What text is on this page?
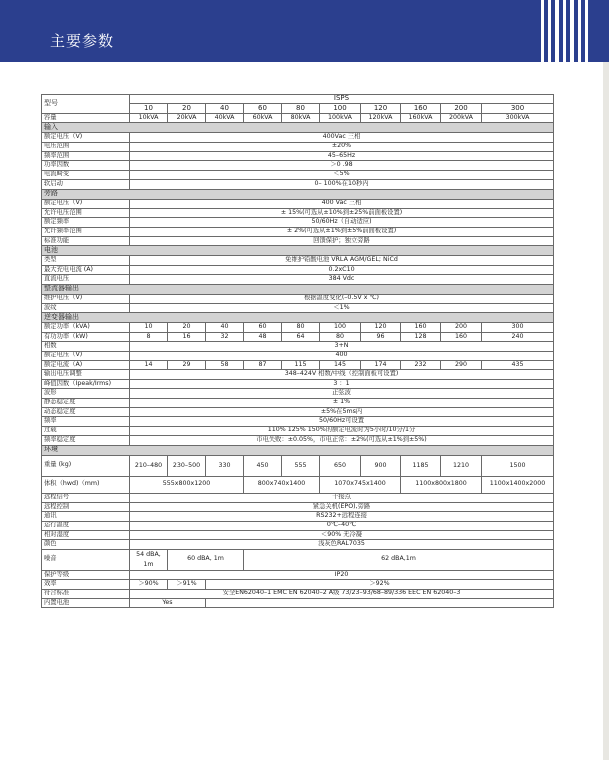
主要参数
型号	ISPS									
	10	20	40	60	80	100	120	160	200	300
容量	10kVA	20kVA	40kVA	60kVA	80kVA	100kVA	120kVA	160kVA	200kVA	300kVA
输入										
额定电压（V)	400Vac 三相									
电压范围	±20%									
频率范围	45–65Hz									
功率因数	＞0 .98									
电流畸变	＜5%									
软启动	0– 100%在10秒内									
旁路										
额定电压（V)	400 Vac 三相									
允许电压范围	± 15%(可选从±10%到±25%前面板设置)									
额定频率	50/60Hz（自动适应)									
允许频率范围	± 2%(可选从±1%到±5%前面板设置)									
标准功能	回馈保护；独立旁路									
电池										
类型	免维护铅酸电池 VRLA AGM/GEL; NiCd									
最大充电电流 (A)	0.2xC10									
直流电压	384 Vdc									
整流器输出										
维护电压（V)	根据温度变化(–0.5V x ℃)									
波纹	＜1%									
逆变器输出										
额定功率（kVA)	10	20	40	60	80	100	120	160	200	300
有功功率（kW)	8	16	32	48	64	80	96	128	160	240
相数	3+N									
额定电压（V)	400									
额定电流（A)	14	29	58	87	115	145	174	232	290	435
输出电压调整	348–424V 相数/中线（控制面板可设置)									
峰值因数（Ipeak/Irms)	3 ：1									
波形	正弦波									
静态稳定度	± 1%									
动态稳定度	±5%在5ms内									
频率	50/60Hz可设置									
过载	110% 125% 150%的额定电流时为5小时/10分/1分									
频率稳定度	市电失败：±0.05%，市电正常：±2%(可选从±1%到±5%)									
环境										
重量 (kg)	210–480	230–500	330	450	555	650	900	1185	1210	1500
体积（hwd)（mm)	555x800x1200			800x740x1400		1070x745x1400		1100x800x1800		1100x1400x2000
远程信号	干接点									
远程控制	紧急关机(EPO),旁路									
通讯	RS232+远程连接									
运行温度	0℃–40℃									
相对湿度	＜90% 无冷凝									
颜色	浅灰色RAL7035									
噪音	54 dBA, 1m	60 dBA, 1m		62 dBA,1m						
保护等级	IP20									
效率	＞90%	＞91%	＞92%							
符合标准	安全EN62040–1 EMC EN 62040–2 A级 73/23–93/68–89/336 EEC EN 62040–3									
内置电池	Yes									
